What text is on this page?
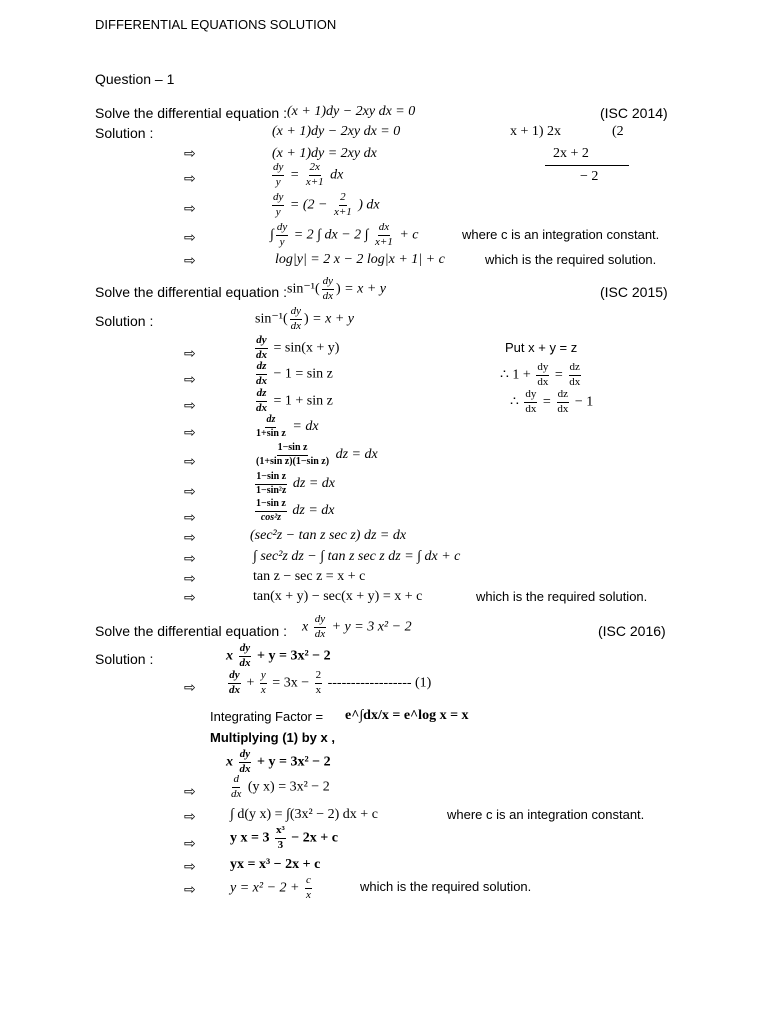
DIFFERENTIAL EQUATIONS SOLUTION
Question – 1
Solve the differential equation : (x + 1)dy − 2xy dx = 0	(ISC 2014)
Solution :	(x + 1)dy − 2xy dx = 0
⇨	(x + 1)dy = 2xy dx
⇨	$\frac{dy}{y} = \frac{2x}{x+1}$ dx
⇨	$\frac{dy}{y} = (2 - \frac{2}{x+1}$ ) dx
⇨	∫ $\frac{dy}{y} = 2$ ∫ dx − 2 ∫ $\frac{dx}{x+1} + c$	where c is an integration constant.
⇨	log|y| = 2 x − 2 log|x + 1| + c	which is the required solution.
x + 1) 2x	(2
2x + 2
− 2
Solve the differential equation : $\sin^{-1}( \frac{dy}{dx}$ ) = x + y	(ISC 2015)
Solution :	$\sin^{-1}( \frac{dy}{dx}$ ) = x + y
⇨	$\frac{dy}{dx} = \sin(x + y)$
⇨	$\frac{dz}{dx} - 1 = \sin z$
⇨	$\frac{dz}{dx} = 1 + \sin z$
⇨	$\frac{dz}{\text{1+sin z}}$ = dx
⇨	$\frac{\text{1−sin z}}{\text{(1+sin z)(1−sin z)}}$ dz = dx
⇨	$\frac{\text{1−sin z}}{\text{1−sin²z}}$ dz = dx
⇨	$\frac{\text{1−sin z}}{\text{cos²z}}$ dz = dx
⇨	(sec²z − tan z sec z) dz = dx
⇨	∫ sec²z dz − ∫ tan z sec z dz = ∫ dx + c
⇨	tan z − sec z = x + c
⇨	tan(x + y) − sec(x + y) = x + c	which is the required solution.
Put x + y = z
∴ $1 + \frac{dy}{dx} = \frac{dz}{dx}$
∴ $\frac{dy}{dx} = \frac{dz}{dx} - 1$
Solve the differential equation : x $\frac{dy}{dx} + y = 3$ x² − 2	(ISC 2016)
Solution :	x $\frac{dy}{dx} + y = 3x^2 - 2$
⇨	$\frac{dy}{dx} + \frac{y}{x} = 3x - \frac{2}{x}$ ------------------ (1)
Integrating Factor = e^∫dx/x = e^log x = x
Multiplying (1) by x ,
x $\frac{dy}{dx} + y = 3x^2 - 2$
⇨	$\frac{d}{dx} (y$ x) = 3x² − 2
⇨ ∫ d(y x) = ∫(3x² − 2) dx + c	where c is an integration constant.
⇨ y $x = 3 \frac{\text{x³}}{3} - 2x + c$
⇨ yx = x³ − 2x + c
⇨ $y = x^2 - 2 + \frac{c}{x}$	which is the required solution.
